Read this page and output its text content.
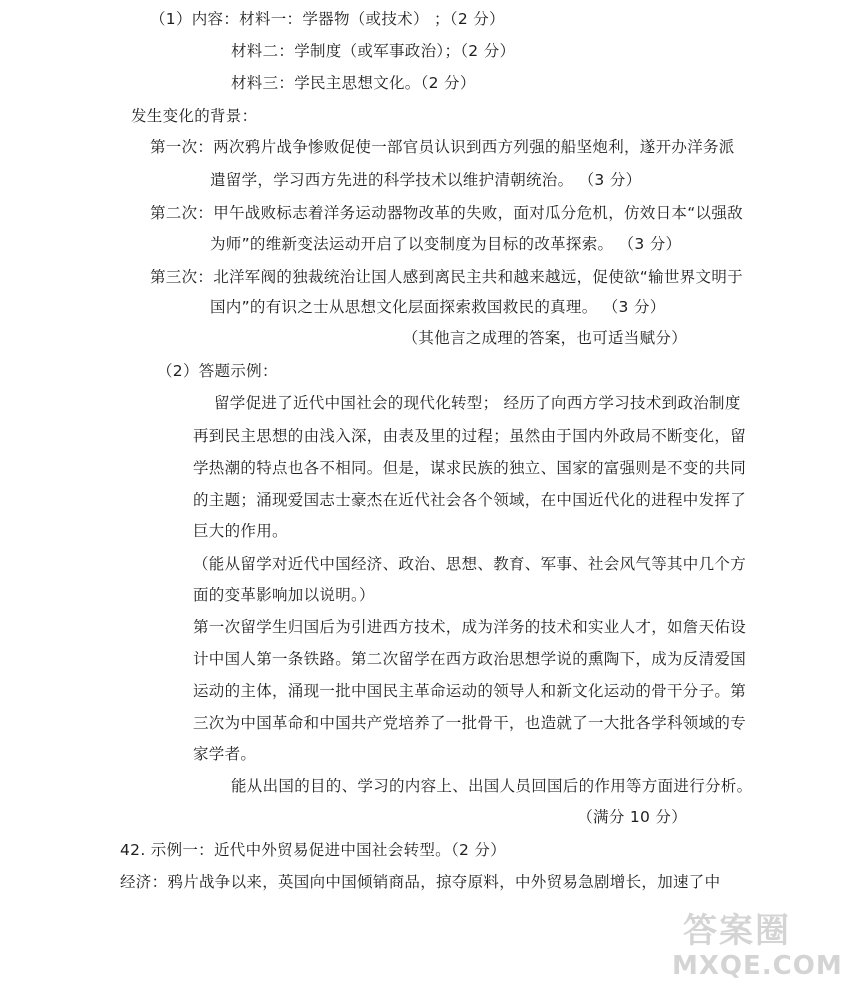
（1）内容：材料一：学器物（或技术） ；（2 分）
材料二：学制度（或军事政治）；（2 分）
材料三：学民主思想文化。（2 分）
发生变化的背景：
第一次：两次鸦片战争惨败促使一部官员认识到西方列强的船坚炮利，遂开办洋务派
遣留学，学习西方先进的科学技术以维护清朝统治。 （3 分）
第二次：甲午战败标志着洋务运动器物改革的失败，面对瓜分危机，仿效日本“以强敌
为师”的维新变法运动开启了以变制度为目标的改革探索。 （3 分）
第三次：北洋军阀的独裁统治让国人感到离民主共和越来越远，促使欲“输世界文明于
国内”的有识之士从思想文化层面探索救国救民的真理。 （3 分）
（其他言之成理的答案，也可适当赋分）
（2）答题示例：
留学促进了近代中国社会的现代化转型； 经历了向西方学习技术到政治制度
再到民主思想的由浅入深，由表及里的过程；虽然由于国内外政局不断变化，留
学热潮的特点也各不相同。但是，谋求民族的独立、国家的富强则是不变的共同
的主题；涌现爱国志士豪杰在近代社会各个领域，在中国近代化的进程中发挥了
巨大的作用。
（能从留学对近代中国经济、政治、思想、教育、军事、社会风气等其中几个方
面的变革影响加以说明。）
第一次留学生归国后为引进西方技术，成为洋务的技术和实业人才，如詹天佑设
计中国人第一条铁路。第二次留学在西方政治思想学说的熏陶下，成为反清爱国
运动的主体，涌现一批中国民主革命运动的领导人和新文化运动的骨干分子。第
三次为中国革命和中国共产党培养了一批骨干，也造就了一大批各学科领域的专
家学者。
能从出国的目的、学习的内容上、出国人员回国后的作用等方面进行分析。
（满分 10 分）
42. 示例一：近代中外贸易促进中国社会转型。（2 分）
经济：鸦片战争以来，英国向中国倾销商品，掠夺原料，中外贸易急剧增长，加速了中
答案圈
MXQE.COM
